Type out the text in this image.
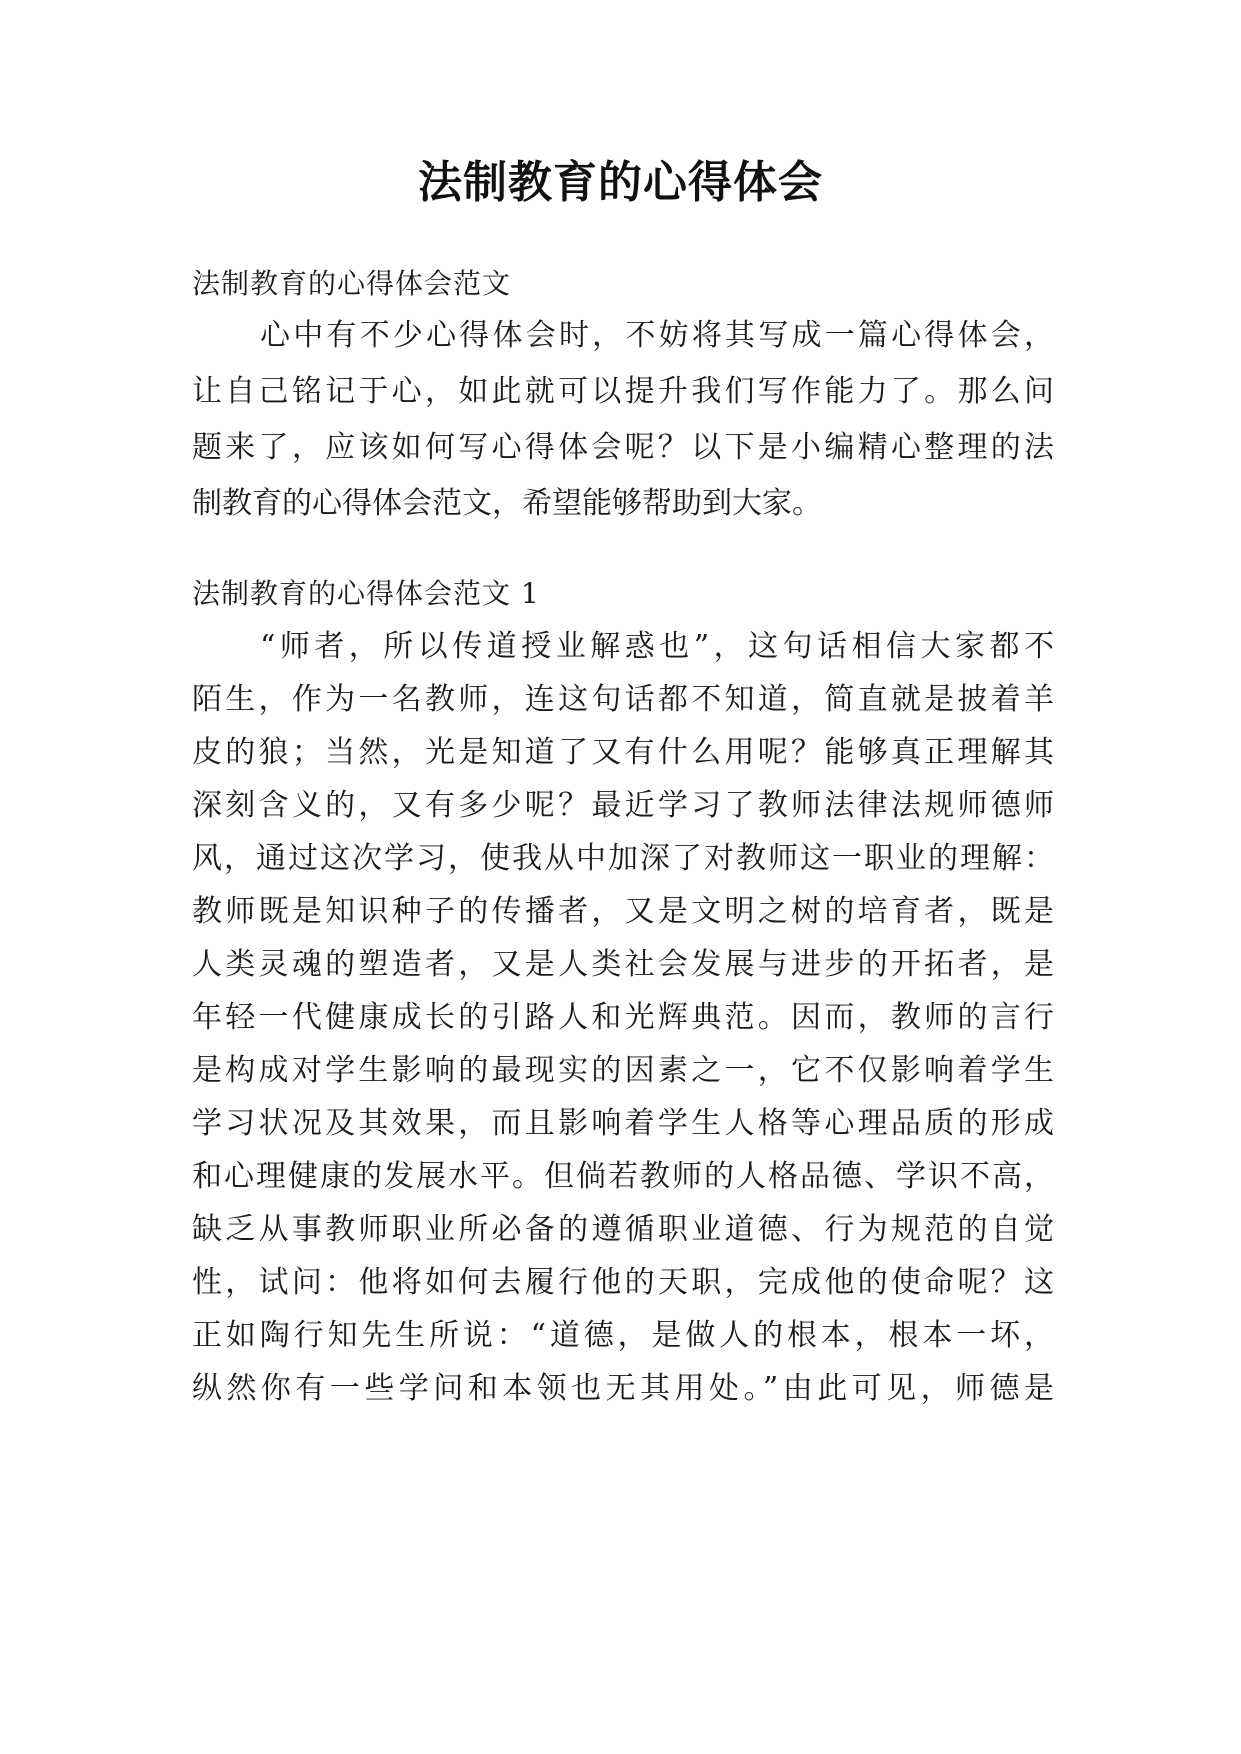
法制教育的心得体会
法制教育的心得体会范文
心中有不少心得体会时，不妨将其写成一篇心得体会，
让自己铭记于心，如此就可以提升我们写作能力了。那么问
题来了，应该如何写心得体会呢？以下是小编精心整理的法
制教育的心得体会范文，希望能够帮助到大家。
法制教育的心得体会范文 1
“师者，所以传道授业解惑也”，这句话相信大家都不
陌生，作为一名教师，连这句话都不知道，简直就是披着羊
皮的狼；当然，光是知道了又有什么用呢？能够真正理解其
深刻含义的，又有多少呢？最近学习了教师法律法规师德师
风，通过这次学习，使我从中加深了对教师这一职业的理解：
教师既是知识种子的传播者，又是文明之树的培育者，既是
人类灵魂的塑造者，又是人类社会发展与进步的开拓者，是
年轻一代健康成长的引路人和光辉典范。因而，教师的言行
是构成对学生影响的最现实的因素之一，它不仅影响着学生
学习状况及其效果，而且影响着学生人格等心理品质的形成
和心理健康的发展水平。但倘若教师的人格品德、学识不高，
缺乏从事教师职业所必备的遵循职业道德、行为规范的自觉
性，试问：他将如何去履行他的天职，完成他的使命呢？这
正如陶行知先生所说：“道德，是做人的根本，根本一坏，
纵然你有一些学问和本领也无其用处。”由此可见，师德是
